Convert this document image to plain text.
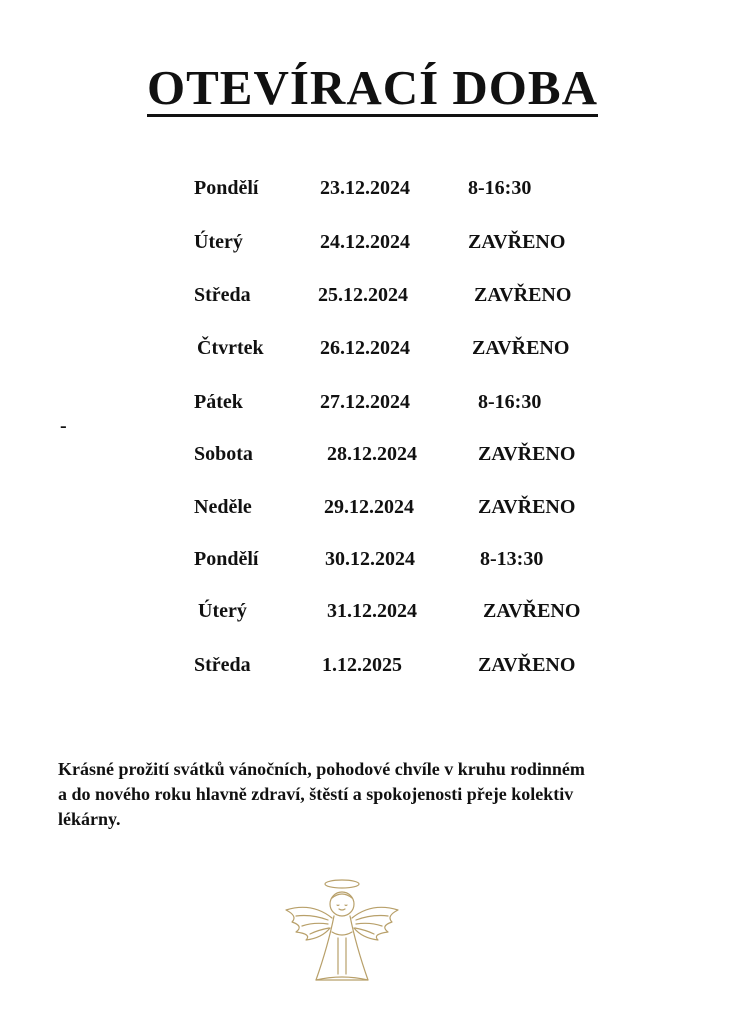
OTEVÍRACÍ DOBA
Pondělí	23.12.2024	8-16:30
Úterý	24.12.2024	ZAVŘENO
Středa	25.12.2024	ZAVŘENO
Čtvrtek	26.12.2024	ZAVŘENO
Pátek	27.12.2024	8-16:30
Sobota	28.12.2024	ZAVŘENO
Neděle	29.12.2024	ZAVŘENO
Pondělí	30.12.2024	8-13:30
Úterý	31.12.2024	ZAVŘENO
Středa	1.12.2025	ZAVŘENO
-
Krásné prožití svátků vánočních, pohodové chvíle v kruhu rodinném
a do nového roku hlavně zdraví, štěstí a spokojenosti přeje kolektiv
lékárny.
